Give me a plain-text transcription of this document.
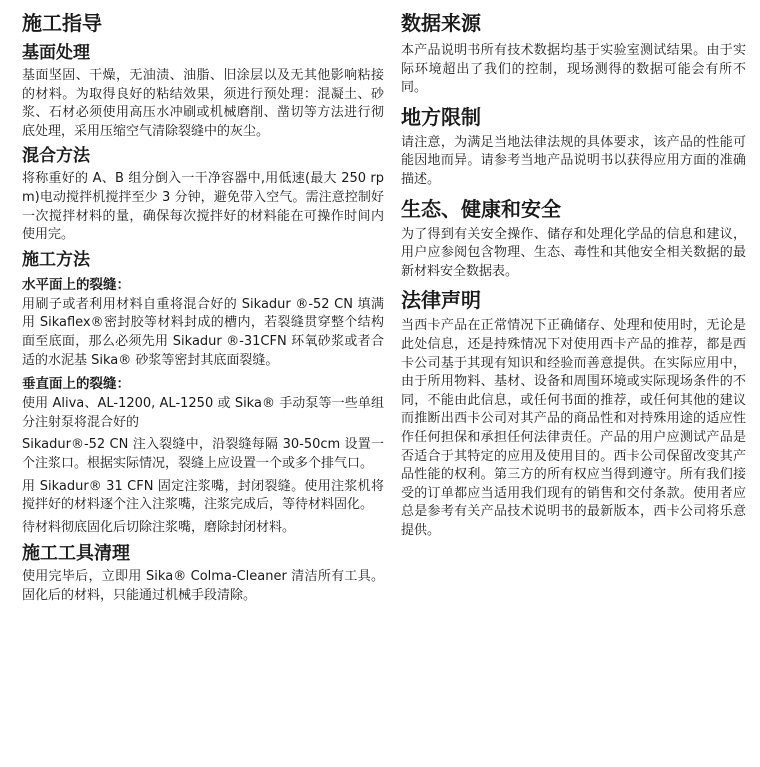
施工指导
基面处理

基面坚固、干燥，无油渍、油脂、旧涂层以及无其他影响粘接的材料。为取得良好的粘结效果，须进行预处理：混凝土、砂浆、石材必须使用高压水冲刷或机械磨削、凿切等方法进行彻底处理，采用压缩空气清除裂缝中的灰尘。

混合方法

将称重好的 A、B 组分倒入一干净容器中,用低速(最大 250 rpm)电动搅拌机搅拌至少 3 分钟，避免带入空气。需注意控制好一次搅拌材料的量，确保每次搅拌好的材料能在可操作时间内使用完。

施工方法
水平面上的裂缝：

用刷子或者利用材料自重将混合好的 Sikadur ®-52 CN 填满用 Sikaflex®密封胶等材料封成的槽内，若裂缝贯穿整个结构面至底面，那么必须先用 Sikadur ®-31CFN 环氧砂浆或者合适的水泥基 Sika® 砂浆等密封其底面裂缝。

垂直面上的裂缝：

使用 Aliva、AL-1200, AL-1250 或 Sika® 手动泵等一些单组分注射泵将混合好的

Sikadur®-52 CN 注入裂缝中，沿裂缝每隔 30-50cm 设置一个注浆口。根据实际情况，裂缝上应设置一个或多个排气口。

用 Sikadur® 31 CFN 固定注浆嘴，封闭裂缝。使用注浆机将搅拌好的材料逐个注入注浆嘴，注浆完成后，等待材料固化。

待材料彻底固化后切除注浆嘴，磨除封闭材料。

施工工具清理

使用完毕后，立即用 Sika® Colma-Cleaner 清洁所有工具。固化后的材料，只能通过机械手段清除。

数据来源

本产品说明书所有技术数据均基于实验室测试结果。由于实际环境超出了我们的控制，现场测得的数据可能会有所不同。

地方限制

请注意，为满足当地法律法规的具体要求，该产品的性能可能因地而异。请参考当地产品说明书以获得应用方面的准确描述。

生态、健康和安全

为了得到有关安全操作、储存和处理化学品的信息和建议，用户应参阅包含物理、生态、毒性和其他安全相关数据的最新材料安全数据表。

法律声明

当西卡产品在正常情况下正确储存、处理和使用时，无论是此处信息，还是持殊情况下对使用西卡产品的推荐，都是西卡公司基于其现有知识和经验而善意提供。在实际应用中，由于所用物料、基材、设备和周围环境或实际现场条件的不同，不能由此信息，或任何书面的推荐，或任何其他的建议而推断出西卡公司对其产品的商品性和对持殊用途的适应性作任何担保和承担任何法律责任。产品的用户应测试产品是否适合于其特定的应用及使用目的。西卡公司保留改变其产品性能的权利。第三方的所有权应当得到遵守。所有我们接受的订单都应当适用我们现有的销售和交付条款。使用者应总是参考有关产品技术说明书的最新版本，西卡公司将乐意提供。
